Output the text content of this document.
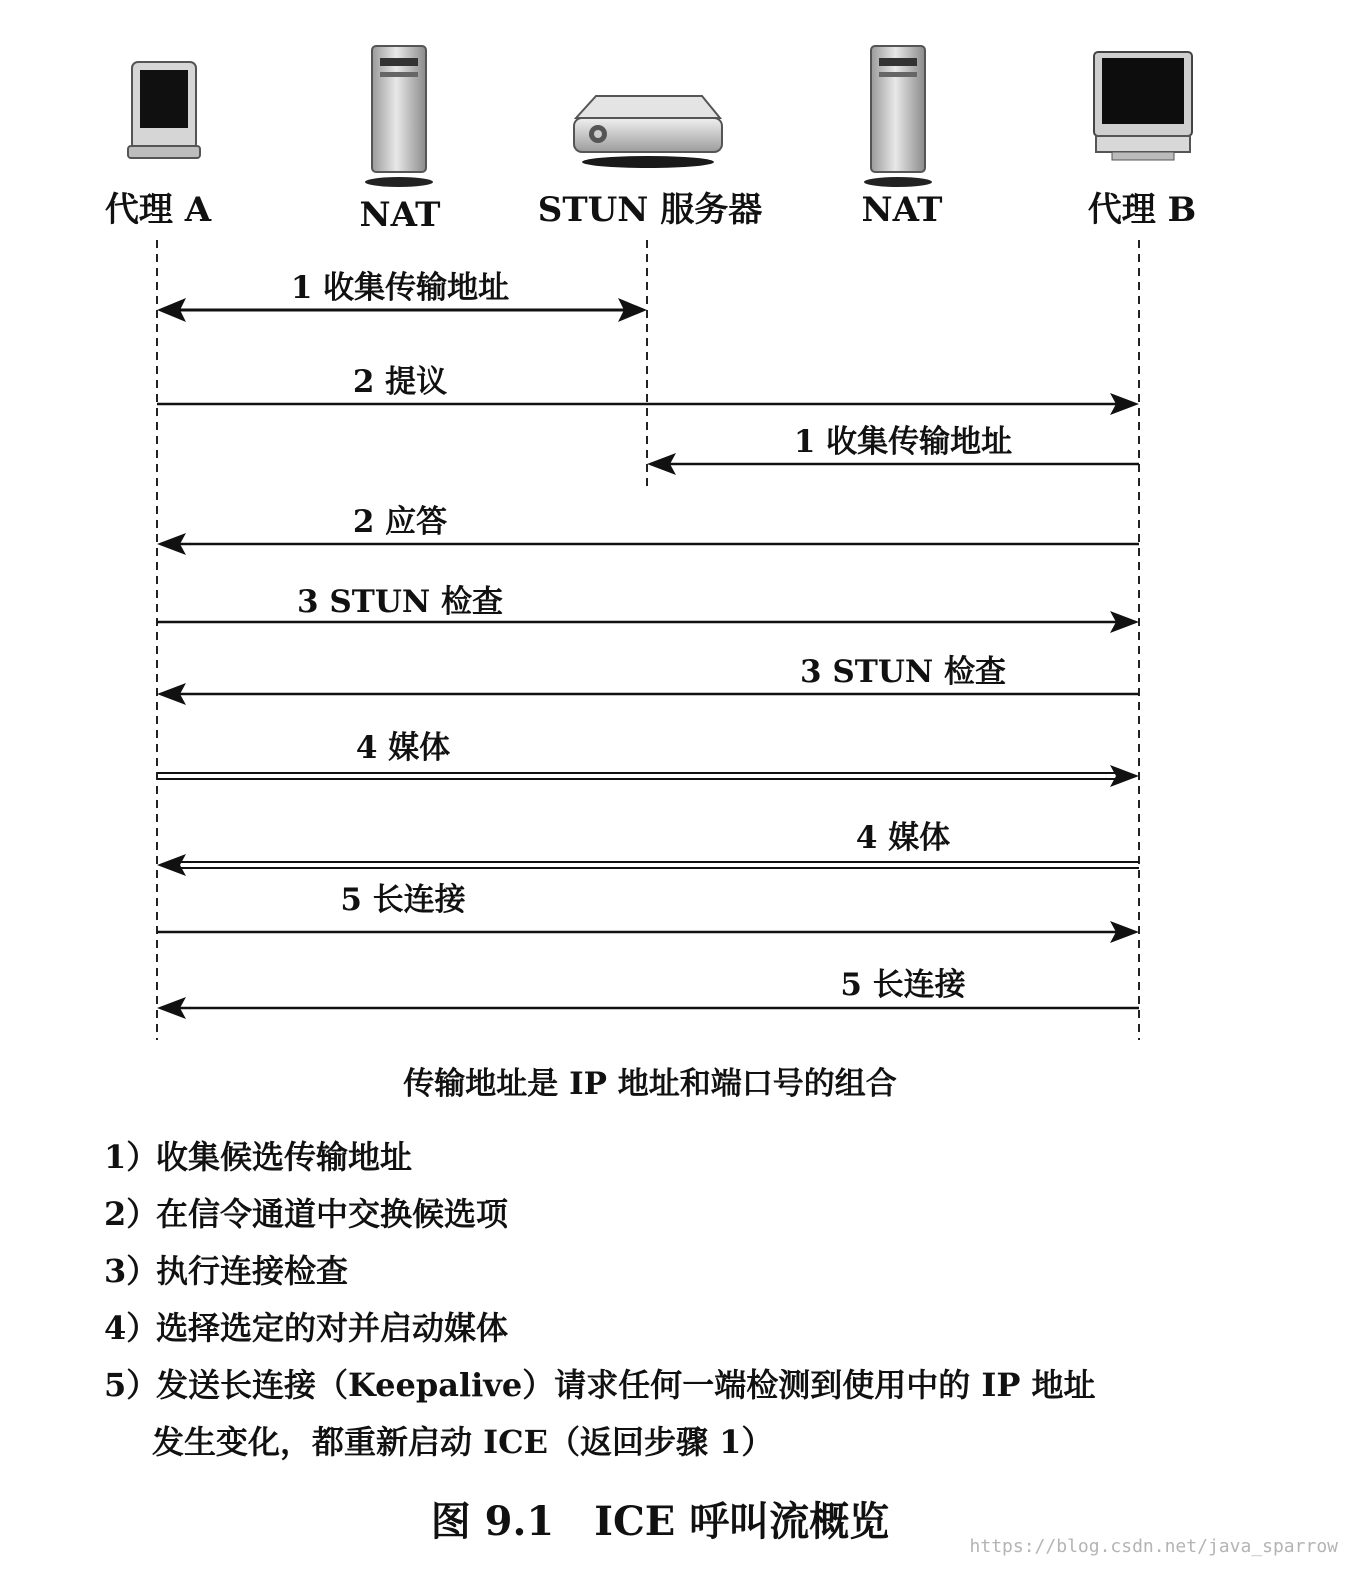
代理 A	NAT	STUN 服务器	NAT	代理 B
1 收集传输地址
2 提议
1 收集传输地址
2 应答
3 STUN 检查
3 STUN 检查
4 媒体
4 媒体
5 长连接
5 长连接
传输地址是 IP 地址和端口号的组合
1）收集候选传输地址
2）在信令通道中交换候选项
3）执行连接检查
4）选择选定的对并启动媒体
5）发送长连接（Keepalive）请求任何一端检测到使用中的 IP 地址
发生变化，都重新启动 ICE（返回步骤 1）
图 9.1　ICE 呼叫流概览
https://blog.csdn.net/java_sparrow
